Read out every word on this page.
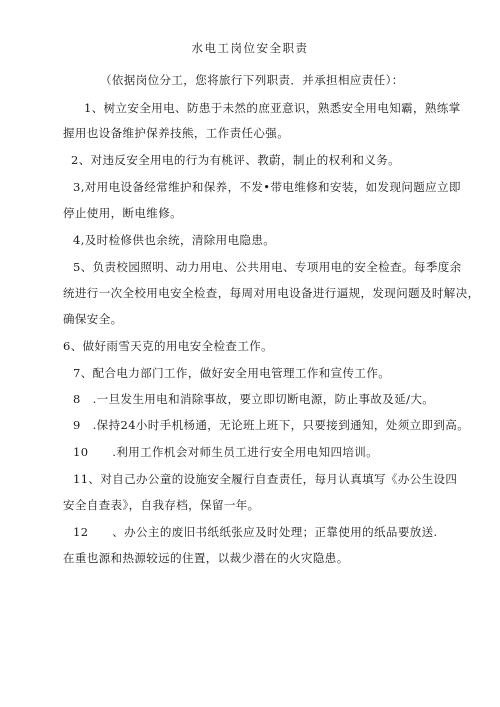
水电工岗位安全职责
（依据岗位分工，您将旅行下列职责．并承担相应责任）：
1、树立安全用电、防患于未然的庶亚意识，熟悉安全用电知霸，熟练掌
握用也设备维护保养技熊，工作责任心强。
2、对违反安全用电的行为有桃评、教蔚，制止的权利和义务。
3,对用电设备经常维护和保养，不发•带电维修和安装，如发现问题应立即
停止使用，断电维修。
4,及时检修供也余统，清除用电隐患。
5、负责校园照明、动力用电、公共用电、专项用电的安全检查。每季度余
统进行一次全校用电安全检查，每周对用电设备进行逼规，发现问题及时解决，
确保安全。
6、做好雨雪天克的用电安全检查工作。
7、配合电力部门工作，做好安全用电管理工作和宣传工作。
8　.一旦发生用电和消除事故，要立即切断电源，防止事故及延/大。
9　.保持24小时手机杨通，无论班上班下，只要接到通知，处须立即到高。
10　　.利用工作机会对师生员工进行安全用电知四培训。
11、对自己办公童的设施安全履行自查责任，每月认真填写《办公生设四
安全自查表》，自我存档，保留一年。
12　　、办公主的废旧书纸纸张应及时处理；正靠使用的纸品要放送.
在重也源和热源较远的住置，以裁少潜在的火灾隐患。
